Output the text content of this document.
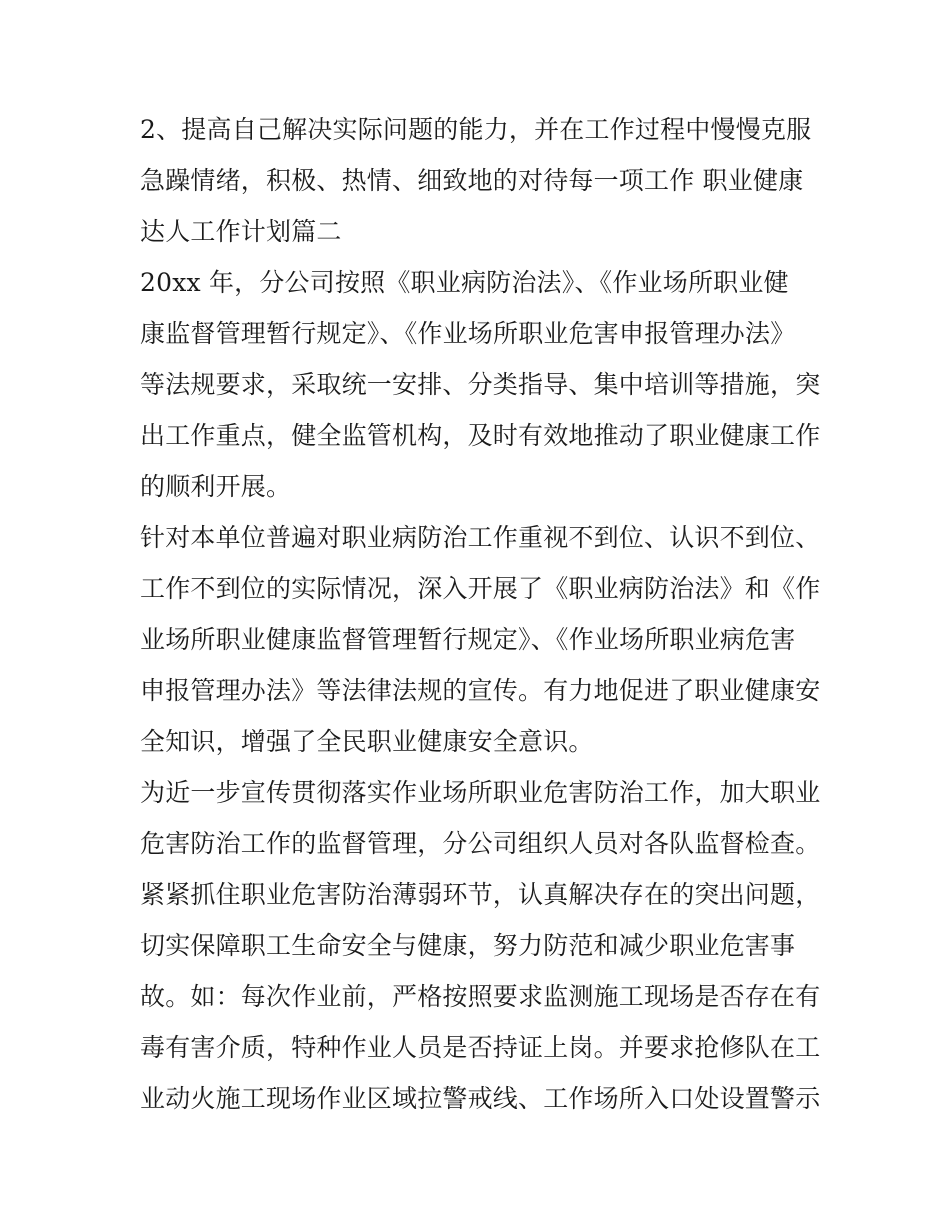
2、提高自己解决实际问题的能力，并在工作过程中慢慢克服
急躁情绪，积极、热情、细致地的对待每一项工作 职业健康
达人工作计划篇二
20xx 年，分公司按照《职业病防治法》、《作业场所职业健
康监督管理暂行规定》、《作业场所职业危害申报管理办法》
等法规要求，采取统一安排、分类指导、集中培训等措施，突
出工作重点，健全监管机构，及时有效地推动了职业健康工作
的顺利开展。
针对本单位普遍对职业病防治工作重视不到位、认识不到位、
工作不到位的实际情况，深入开展了《职业病防治法》和《作
业场所职业健康监督管理暂行规定》、《作业场所职业病危害
申报管理办法》等法律法规的宣传。有力地促进了职业健康安
全知识，增强了全民职业健康安全意识。
为近一步宣传贯彻落实作业场所职业危害防治工作，加大职业
危害防治工作的监督管理，分公司组织人员对各队监督检查。
紧紧抓住职业危害防治薄弱环节，认真解决存在的突出问题，
切实保障职工生命安全与健康，努力防范和减少职业危害事
故。如：每次作业前，严格按照要求监测施工现场是否存在有
毒有害介质，特种作业人员是否持证上岗。并要求抢修队在工
业动火施工现场作业区域拉警戒线、工作场所入口处设置警示
